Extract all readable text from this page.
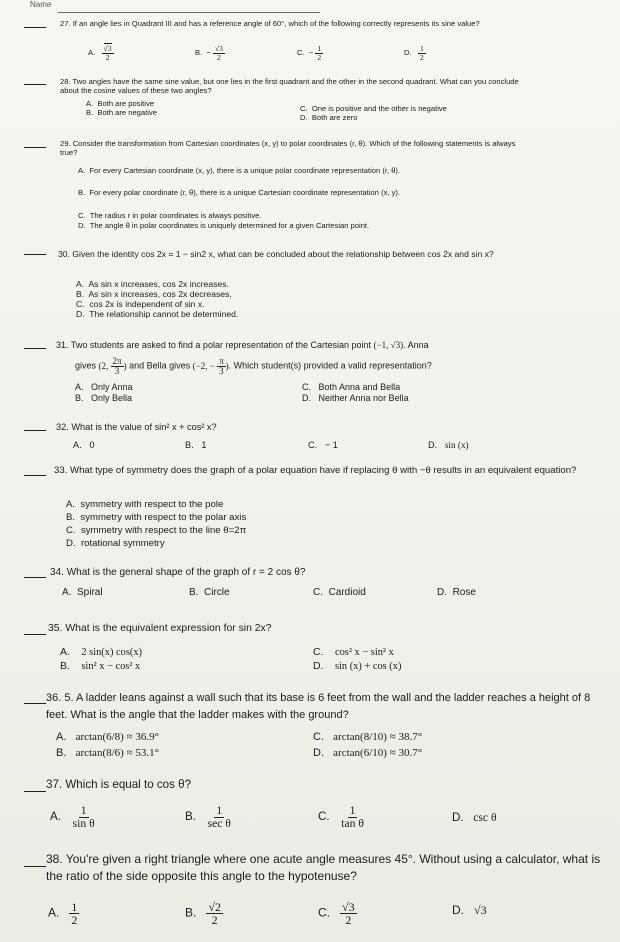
Name
27. If an angle lies in Quadrant III and has a reference angle of 60°, which of the following correctly represents its sine value?
A. $\frac{√3}{2}$	B.  − $\frac{√3}{2}$	C.  − $\frac{1}{2}$	D. $\frac{1}{2}$
28. Two angles have the same sine value, but one lies in the first quadrant and the other in the second quadrant. What can you conclude about the cosine values of these two angles?
A. Both are positive
B. Both are negative	C. One is positive and the other is negative
D. Both are zero
29. Consider the transformation from Cartesian coordinates (x, y) to polar coordinates (r, θ). Which of the following statements is always true?
A. For every Cartesian coordinate (x, y), there is a unique polar coordinate representation (r, θ).
B. For every polar coordinate (r, θ), there is a unique Cartesian coordinate representation (x, y).
C. The radius r in polar coordinates is always positive.
D. The angle θ in polar coordinates is uniquely determined for a given Cartesian point.
30. Given the identity cos 2x = 1 − sin2 x, what can be concluded about the relationship between cos 2x and sin x?
A. As sin x increases, cos 2x increases.
B. As sin x increases, cos 2x decreases.
C. cos 2x is independent of sin x.
D. The relationship cannot be determined.
31. Two students are asked to find a polar representation of the Cartesian point (−1, √3). Anna
gives (2, $\frac{2\pi}{3}$ ) and Bella gives (−2, − $\frac{\pi}{3}$ ). Which student(s) provided a valid representation?
A. Only Anna
B. Only Bella
C. Both Anna and Bella
D. Neither Anna nor Bella
32. What is the value of sin² x + cos² x?
A. 0	B. 1	C. − 1	D. sin (x)
33. What type of symmetry does the graph of a polar equation have if replacing θ with −θ results in an equivalent equation?
A. symmetry with respect to the pole
B. symmetry with respect to the polar axis
C. symmetry with respect to the line θ=2π
D. rotational symmetry
34. What is the general shape of the graph of r = 2 cos θ?
A. Spiral	B. Circle	C. Cardioid	D. Rose
35. What is the equivalent expression for sin 2x?
A. 2 sin(x) cos(x)
B. sin² x − cos² x
C. cos² x − sin² x
D. sin (x) + cos (x)
36. 5. A ladder leans against a wall such that its base is 6 feet from the wall and the ladder reaches a height of 8 feet. What is the angle that the ladder makes with the ground?
A. arctan(6/8) ≈ 36.9°
B. arctan(8/6) ≈ 53.1°
C. arctan(8/10) ≈ 38.7°
D. arctan(6/10) ≈ 30.7°
37. Which is equal to cos θ?
A. $\frac{1}{\text{sin θ}}$	B. $\frac{1}{\text{sec θ}}$	C. $\frac{1}{\text{tan θ}}$	D. csc θ
38. You're given a right triangle where one acute angle measures 45°. Without using a calculator, what is the ratio of the side opposite this angle to the hypotenuse?
A. $\frac{1}{2}$	B. $\frac{√2}{2}$	C. $\frac{√3}{2}$	D. √3
